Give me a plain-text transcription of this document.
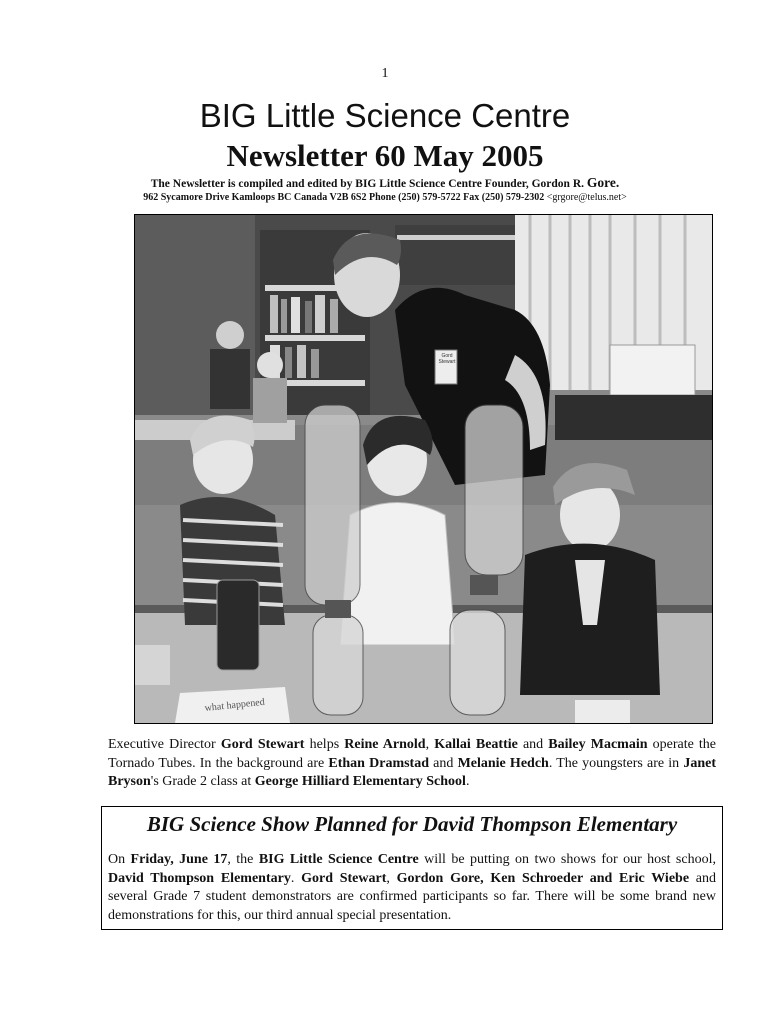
1
BIG Little Science Centre
Newsletter 60 May 2005
The Newsletter is compiled and edited by BIG Little Science Centre Founder, Gordon R. Gore.
962 Sycamore Drive Kamloops BC Canada V2B 6S2 Phone (250) 579-5722 Fax (250) 579-2302 <grgore@telus.net>
what happened
Executive Director Gord Stewart helps Reine Arnold, Kallai Beattie and Bailey Macmain operate the Tornado Tubes. In the background are Ethan Dramstad and Melanie Hedch. The youngsters are in Janet Bryson's Grade 2 class at George Hilliard Elementary School.
BIG Science Show Planned for David Thompson Elementary
On Friday, June 17, the BIG Little Science Centre will be putting on two shows for our host school, David Thompson Elementary. Gord Stewart, Gordon Gore, Ken Schroeder and Eric Wiebe and several Grade 7 student demonstrators are confirmed participants so far. There will be some brand new demonstrations for this, our third annual special presentation.
Gord Stewart
